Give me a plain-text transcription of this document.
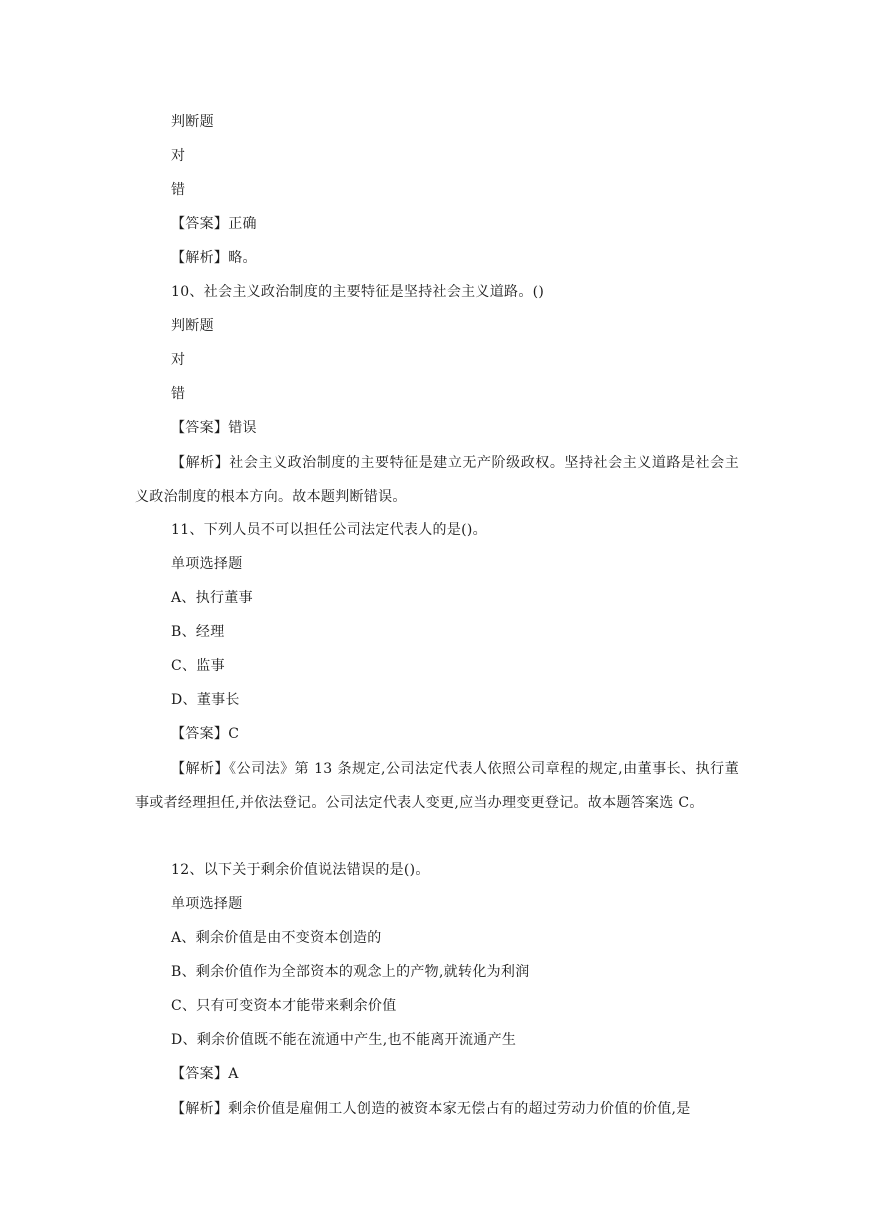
判断题
对
错
【答案】正确
【解析】略。
10、社会主义政治制度的主要特征是坚持社会主义道路。()
判断题
对
错
【答案】错误
【解析】社会主义政治制度的主要特征是建立无产阶级政权。坚持社会主义道路是社会主义政治制度的根本方向。故本题判断错误。
11、下列人员不可以担任公司法定代表人的是()。
单项选择题
A、执行董事
B、经理
C、监事
D、董事长
【答案】C
【解析】《公司法》第 13 条规定,公司法定代表人依照公司章程的规定,由董事长、执行董事或者经理担任,并依法登记。公司法定代表人变更,应当办理变更登记。故本题答案选 C。
12、以下关于剩余价值说法错误的是()。
单项选择题
A、剩余价值是由不变资本创造的
B、剩余价值作为全部资本的观念上的产物,就转化为利润
C、只有可变资本才能带来剩余价值
D、剩余价值既不能在流通中产生,也不能离开流通产生
【答案】A
【解析】剩余价值是雇佣工人创造的被资本家无偿占有的超过劳动力价值的价值,是
